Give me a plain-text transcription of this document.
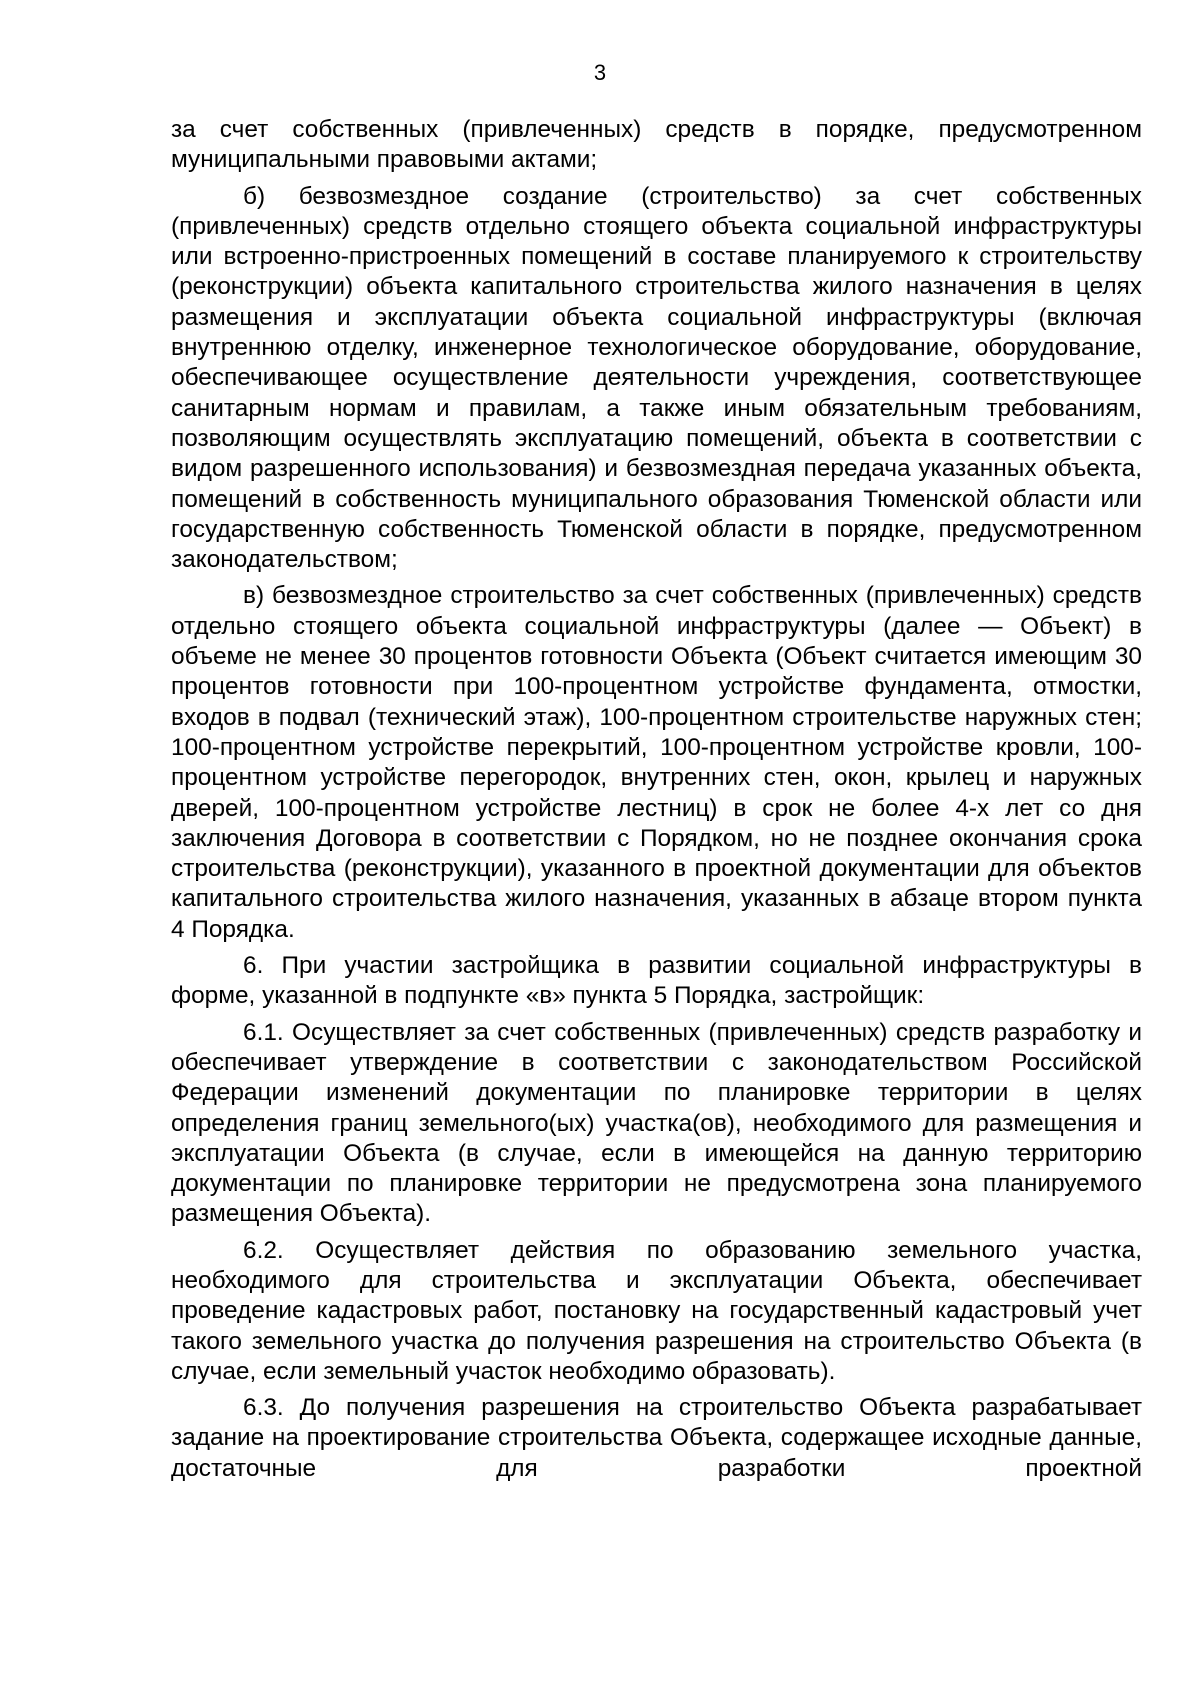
3

за счет собственных (привлеченных) средств в порядке, предусмотренном муниципальными правовыми актами;

б) безвозмездное создание (строительство) за счет собственных (привлеченных) средств отдельно стоящего объекта социальной инфраструктуры или встроенно-пристроенных помещений в составе планируемого к строительству (реконструкции) объекта капитального строительства жилого назначения в целях размещения и эксплуатации объекта социальной инфраструктуры (включая внутреннюю отделку, инженерное технологическое оборудование, оборудование, обеспечивающее осуществление деятельности учреждения, соответствующее санитарным нормам и правилам, а также иным обязательным требованиям, позволяющим осуществлять эксплуатацию помещений, объекта в соответствии с видом разрешенного использования) и безвозмездная передача указанных объекта, помещений в собственность муниципального образования Тюменской области или государственную собственность Тюменской области в порядке, предусмотренном законодательством;

в) безвозмездное строительство за счет собственных (привлеченных) средств отдельно стоящего объекта социальной инфраструктуры (далее — Объект) в объеме не менее 30 процентов готовности Объекта (Объект считается имеющим 30 процентов готовности при 100-процентном устройстве фундамента, отмостки, входов в подвал (технический этаж), 100-процентном строительстве наружных стен; 100-процентном устройстве перекрытий, 100-процентном устройстве кровли, 100-процентном устройстве перегородок, внутренних стен, окон, крылец и наружных дверей, 100-процентном устройстве лестниц) в срок не более 4-х лет со дня заключения Договора в соответствии с Порядком, но не позднее окончания срока строительства (реконструкции), указанного в проектной документации для объектов капитального строительства жилого назначения, указанных в абзаце втором пункта 4 Порядка.

6. При участии застройщика в развитии социальной инфраструктуры в форме, указанной в подпункте «в» пункта 5 Порядка, застройщик:

6.1. Осуществляет за счет собственных (привлеченных) средств разработку и обеспечивает утверждение в соответствии с законодательством Российской Федерации изменений документации по планировке территории в целях определения границ земельного(ых) участка(ов), необходимого для размещения и эксплуатации Объекта (в случае, если в имеющейся на данную территорию документации по планировке территории не предусмотрена зона планируемого размещения Объекта).

6.2. Осуществляет действия по образованию земельного участка, необходимого для строительства и эксплуатации Объекта, обеспечивает проведение кадастровых работ, постановку на государственный кадастровый учет такого земельного участка до получения разрешения на строительство Объекта (в случае, если земельный участок необходимо образовать).

6.3. До получения разрешения на строительство Объекта разрабатывает задание на проектирование строительства Объекта, содержащее исходные данные, достаточные для разработки проектной
